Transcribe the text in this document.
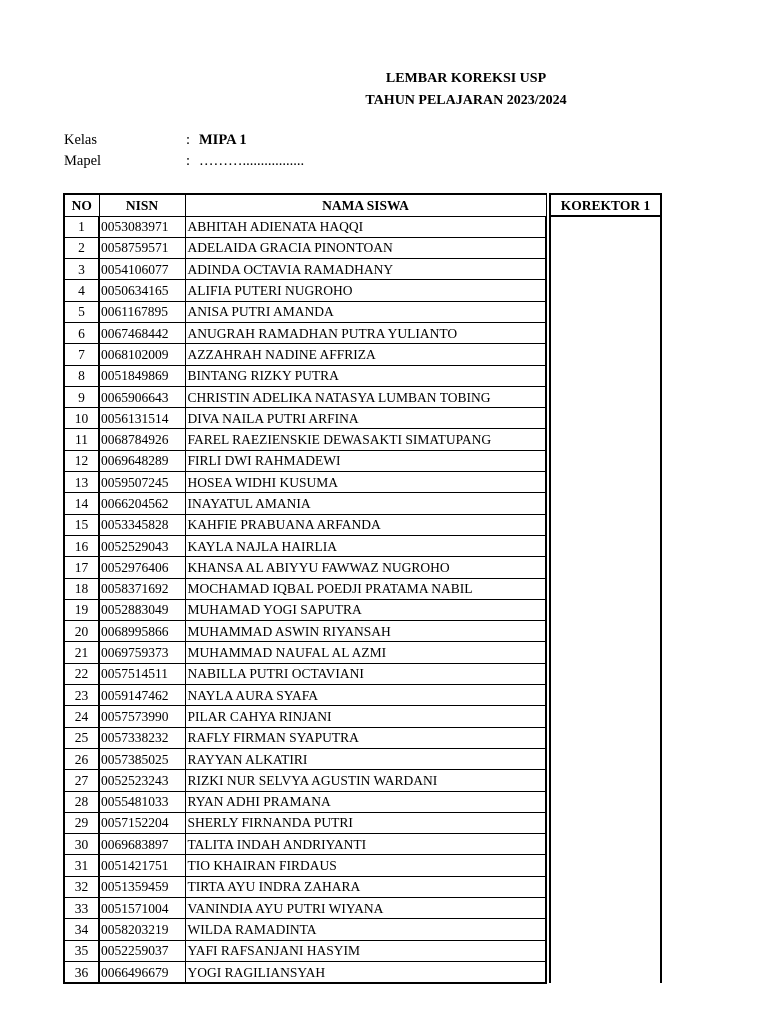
LEMBAR KOREKSI USP
TAHUN PELAJARAN 2023/2024
Kelas	: MIPA 1
Mapel	: ……….................
NO	NISN	NAMA SISWA		KOREKTOR 1
1	0053083971	ABHITAH ADIENATA HAQQI		
2	0058759571	ADELAIDA GRACIA PINONTOAN		
3	0054106077	ADINDA OCTAVIA RAMADHANY		
4	0050634165	ALIFIA PUTERI NUGROHO		
5	0061167895	ANISA PUTRI AMANDA		
6	0067468442	ANUGRAH RAMADHAN PUTRA YULIANTO		
7	0068102009	AZZAHRAH NADINE AFFRIZA		
8	0051849869	BINTANG RIZKY PUTRA		
9	0065906643	CHRISTIN ADELIKA NATASYA LUMBAN TOBING		
10	0056131514	DIVA NAILA PUTRI ARFINA		
11	0068784926	FAREL RAEZIENSKIE DEWASAKTI SIMATUPANG		
12	0069648289	FIRLI DWI RAHMADEWI		
13	0059507245	HOSEA WIDHI KUSUMA		
14	0066204562	INAYATUL AMANIA		
15	0053345828	KAHFIE PRABUANA ARFANDA		
16	0052529043	KAYLA NAJLA HAIRLIA		
17	0052976406	KHANSA AL ABIYYU FAWWAZ NUGROHO		
18	0058371692	MOCHAMAD IQBAL POEDJI PRATAMA NABIL		
19	0052883049	MUHAMAD YOGI SAPUTRA		
20	0068995866	MUHAMMAD ASWIN RIYANSAH		
21	0069759373	MUHAMMAD NAUFAL AL AZMI		
22	0057514511	NABILLA PUTRI OCTAVIANI		
23	0059147462	NAYLA AURA SYAFA		
24	0057573990	PILAR CAHYA RINJANI		
25	0057338232	RAFLY FIRMAN SYAPUTRA		
26	0057385025	RAYYAN ALKATIRI		
27	0052523243	RIZKI NUR SELVYA AGUSTIN WARDANI		
28	0055481033	RYAN ADHI PRAMANA		
29	0057152204	SHERLY FIRNANDA PUTRI		
30	0069683897	TALITA INDAH ANDRIYANTI		
31	0051421751	TIO KHAIRAN FIRDAUS		
32	0051359459	TIRTA AYU INDRA ZAHARA		
33	0051571004	VANINDIA AYU PUTRI WIYANA		
34	0058203219	WILDA RAMADINTA		
35	0052259037	YAFI RAFSANJANI HASYIM		
36	0066496679	YOGI RAGILIANSYAH		
